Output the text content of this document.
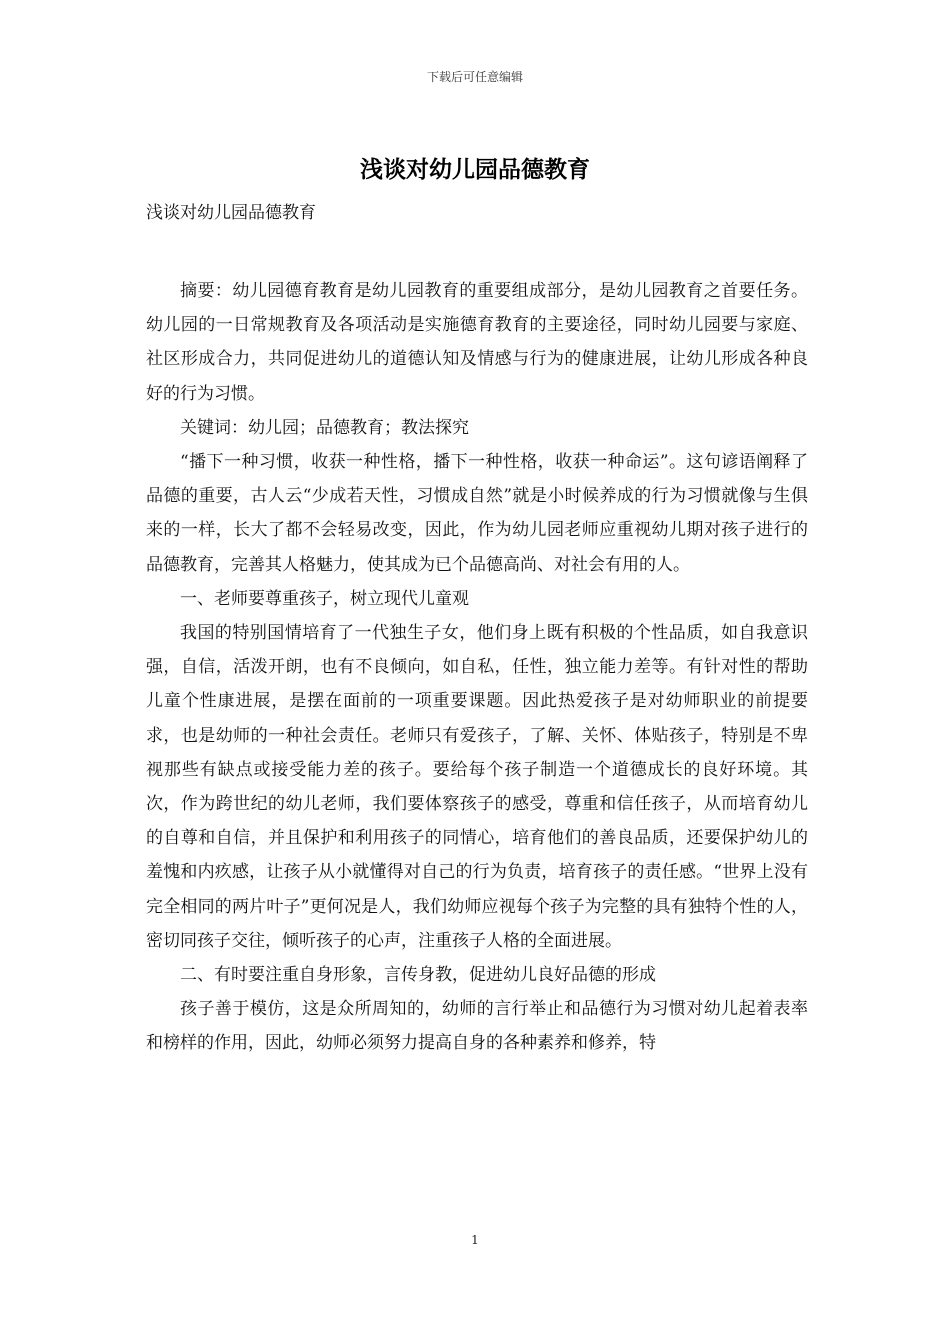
下载后可任意编辑
浅谈对幼儿园品德教育
浅谈对幼儿园品德教育

摘要：幼儿园德育教育是幼儿园教育的重要组成部分，是幼儿园教育之首要任务。幼儿园的一日常规教育及各项活动是实施德育教育的主要途径，同时幼儿园要与家庭、社区形成合力，共同促进幼儿的道德认知及情感与行为的健康进展，让幼儿形成各种良好的行为习惯。

关键词：幼儿园；品德教育；教法探究

“播下一种习惯，收获一种性格，播下一种性格，收获一种命运”。这句谚语阐释了品德的重要，古人云“少成若天性，习惯成自然”就是小时候养成的行为习惯就像与生俱来的一样，长大了都不会轻易改变，因此，作为幼儿园老师应重视幼儿期对孩子进行的品德教育，完善其人格魅力，使其成为已个品德高尚、对社会有用的人。

一、老师要尊重孩子，树立现代儿童观

我国的特别国情培育了一代独生子女，他们身上既有积极的个性品质，如自我意识强，自信，活泼开朗，也有不良倾向，如自私，任性，独立能力差等。有针对性的帮助儿童个性康进展，是摆在面前的一项重要课题。因此热爱孩子是对幼师职业的前提要求，也是幼师的一种社会责任。老师只有爱孩子，了解、关怀、体贴孩子，特别是不卑视那些有缺点或接受能力差的孩子。要给每个孩子制造一个道德成长的良好环境。其次，作为跨世纪的幼儿老师，我们要体察孩子的感受，尊重和信任孩子，从而培育幼儿的自尊和自信，并且保护和利用孩子的同情心，培育他们的善良品质，还要保护幼儿的羞愧和内疚感，让孩子从小就懂得对自己的行为负责，培育孩子的责任感。“世界上没有完全相同的两片叶子”更何况是人，我们幼师应视每个孩子为完整的具有独特个性的人，密切同孩子交往，倾听孩子的心声，注重孩子人格的全面进展。

二、有时要注重自身形象，言传身教，促进幼儿良好品德的形成

孩子善于模仿，这是众所周知的，幼师的言行举止和品德行为习惯对幼儿起着表率和榜样的作用，因此，幼师必须努力提高自身的各种素养和修养，特

1
